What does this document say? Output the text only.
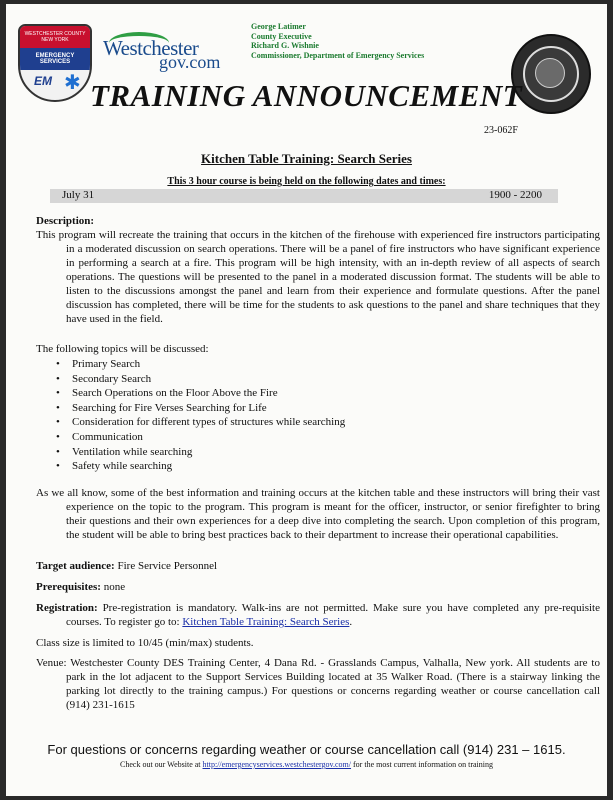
WESTCHESTER COUNTY NEW YORK
EMERGENCY SERVICES
EM ✱
Westchester
gov.com
George Latimer
County Executive
Richard G. Wishnie
Commissioner, Department of Emergency Services
TRAINING ANNOUNCEMENT
23-062F
Kitchen Table Training: Search Series
This 3 hour course is being held on the following dates and times:
July 31	1900 - 2200
Description:
This program will recreate the training that occurs in the kitchen of the firehouse with experienced fire instructors participating in a moderated discussion on search operations. There will be a panel of fire instructors who have significant experience in performing a search at a fire. This program will be high intensity, with an in-depth review of all aspects of search operations. The questions will be presented to the panel in a moderated discussion format. The students will be able to listen to the discussions amongst the panel and learn from their experience and formulate questions. After the panel discussion has completed, there will be time for the students to ask questions to the panel and share techniques that they have used in the field.
The following topics will be discussed:
• Primary Search
• Secondary Search
• Search Operations on the Floor Above the Fire
• Searching for Fire Verses Searching for Life
• Consideration for different types of structures while searching
• Communication
• Ventilation while searching
• Safety while searching
As we all know, some of the best information and training occurs at the kitchen table and these instructors will bring their vast experience on the topic to the program. This program is meant for the officer, instructor, or senior firefighter to bring their questions and their own experiences for a deep dive into completing the search. Upon completion of this program, the student will be able to bring best practices back to their department to increase their operational capabilities.
Target audience: Fire Service Personnel
Prerequisites: none
Registration: Pre-registration is mandatory. Walk-ins are not permitted. Make sure you have completed any pre-requisite courses. To register go to: Kitchen Table Training: Search Series.
Class size is limited to 10/45 (min/max) students.
Venue: Westchester County DES Training Center, 4 Dana Rd. - Grasslands Campus, Valhalla, New york. All students are to park in the lot adjacent to the Support Services Building located at 35 Walker Road. (There is a stairway linking the parking lot directly to the training campus.) For questions or concerns regarding weather or course cancellation call (914) 231-1615
For questions or concerns regarding weather or course cancellation call (914) 231 – 1615.
Check out our Website at http://emergencyservices.westchestergov.com/ for the most current information on training
